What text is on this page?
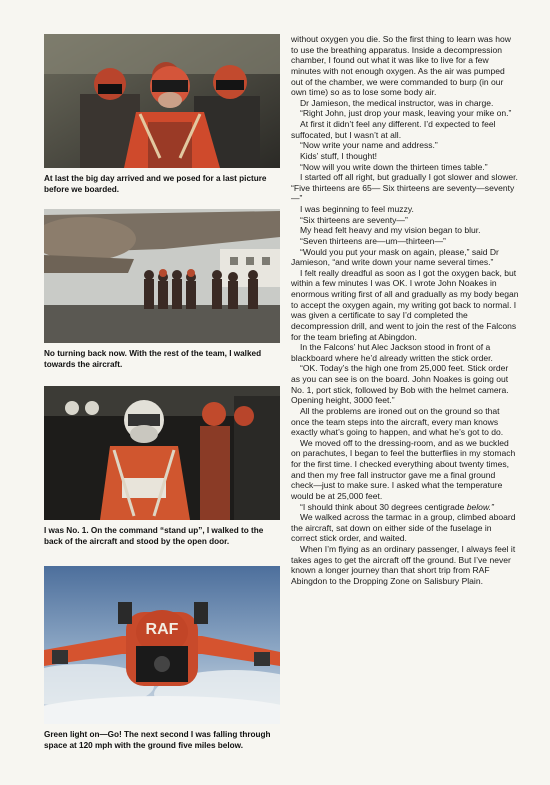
At last the big day arrived and we posed for a last picture before we boarded.
No turning back now. With the rest of the team, I walked towards the aircraft.
I was No. 1. On the command “stand up”, I walked to the back of the aircraft and stood by the open door.
RAF
Green light on—Go! The next second I was falling through space at 120 mph with the ground five miles below.

without oxygen you die. So the first thing to learn was how to use the breathing apparatus. Inside a decompression chamber, I found out what it was like to live for a few minutes with not enough oxygen. As the air was pumped out of the chamber, we were commanded to burp (in our own time) so as to lose some body air.

Dr Jamieson, the medical instructor, was in charge.

“Right John, just drop your mask, leaving your mike on.”

At first it didn’t feel any different. I’d expected to feel suffocated, but I wasn’t at all.

“Now write your name and address.”

Kids’ stuff, I thought!

“Now will you write down the thirteen times table.”

I started off all right, but gradually I got slower and slower. “Five thirteens are 65— Six thirteens are seventy—seventy—”

I was beginning to feel muzzy.

“Six thirteens are seventy—”

My head felt heavy and my vision began to blur.

“Seven thirteens are—um—thirteen—”

“Would you put your mask on again, please,” said Dr Jamieson, “and write down your name several times.”

I felt really dreadful as soon as I got the oxygen back, but within a few minutes I was OK. I wrote John Noakes in enormous writing first of all and gradually as my body began to accept the oxygen again, my writing got back to normal. I was given a certificate to say I’d completed the decompression drill, and went to join the rest of the Falcons for the team briefing at Abingdon.

In the Falcons’ hut Alec Jackson stood in front of a blackboard where he’d already written the stick order.

“OK. Today’s the high one from 25,000 feet. Stick order as you can see is on the board. John Noakes is going out No. 1, port stick, followed by Bob with the helmet camera. Opening height, 3000 feet.”

All the problems are ironed out on the ground so that once the team steps into the aircraft, every man knows exactly what’s going to happen, and what he’s got to do.

We moved off to the dressing-room, and as we buckled on parachutes, I began to feel the butterflies in my stomach for the first time. I checked everything about twenty times, and then my free fall instructor gave me a final ground check—just to make sure. I asked what the temperature would be at 25,000 feet.

“I should think about 30 degrees centigrade below.”

We walked across the tarmac in a group, climbed aboard the aircraft, sat down on either side of the fuselage in correct stick order, and waited.

When I’m flying as an ordinary passenger, I always feel it takes ages to get the aircraft off the ground. But I’ve never known a longer journey than that short trip from RAF Abingdon to the Dropping Zone on Salisbury Plain.
